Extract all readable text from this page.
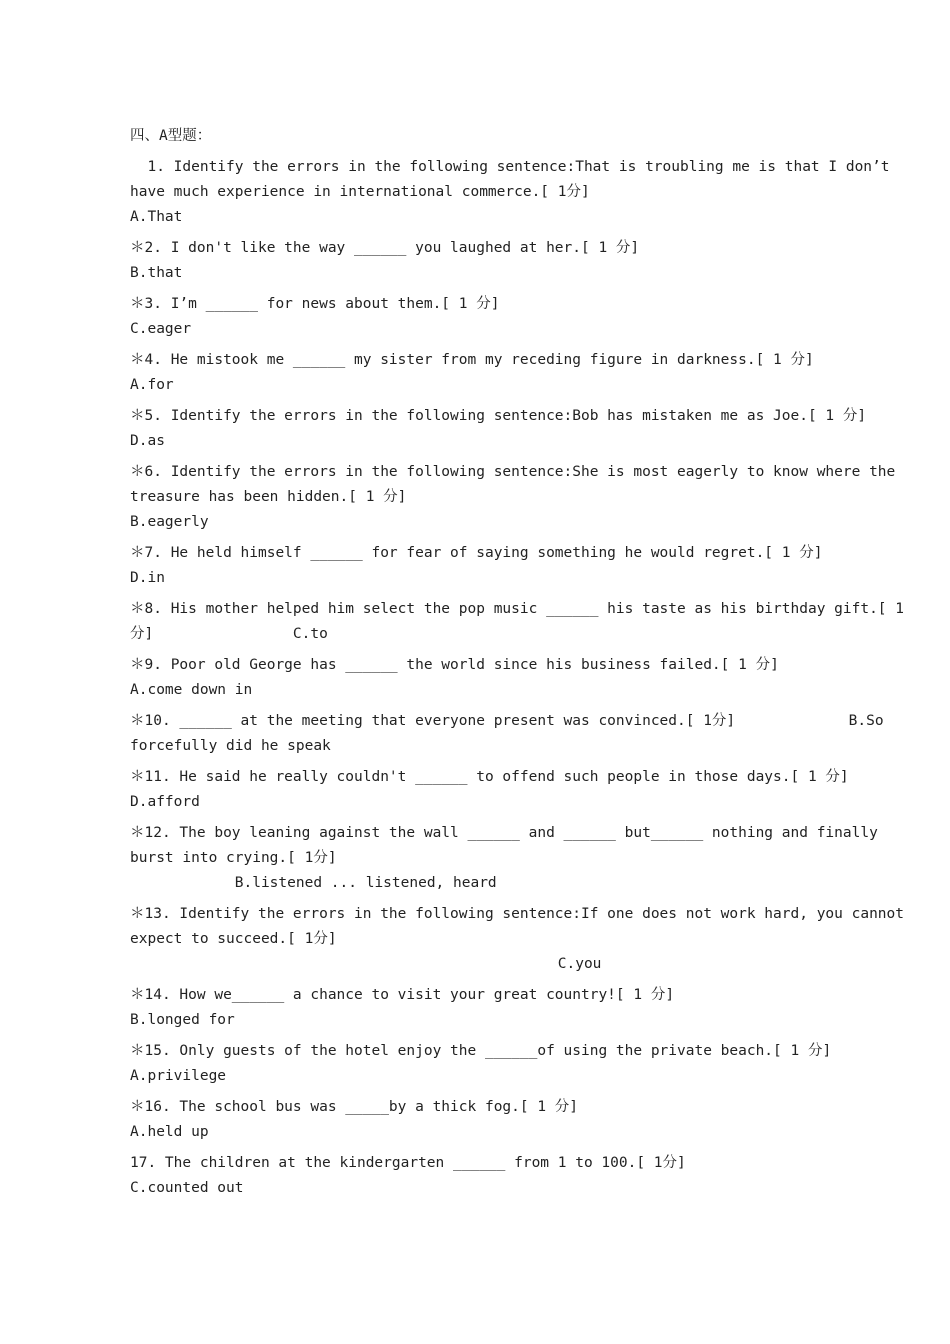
四、A型题：
1. Identify the errors in the following sentence:That is troubling me is that I don’t have much experience in international commerce.[ 1分]                                    A.That
＊2. I don't like the way ______ you laughed at her.[ 1 分]                                         B.that
＊3. I’m ______ for news about them.[ 1 分]                                                                   C.eager
＊4. He mistook me ______ my sister from my receding figure in darkness.[ 1 分]                             A.for
＊5. Identify the errors in the following sentence:Bob has mistaken me as Joe.[ 1 分]                             D.as
＊6. Identify the errors in the following sentence:She is most eagerly to know where the treasure has been hidden.[ 1 分]                                                           B.eagerly
＊7. He held himself ______ for fear of saying something he would regret.[ 1 分]                             D.in
＊8. His mother helped him select the pop music ______ his taste as his birthday gift.[ 1 分]	C.to
＊9. Poor old George has ______ the world since his business failed.[ 1 分]                  A.come down in
＊10. ______ at the meeting that everyone present was convinced.[ 1分]	B.So forcefully did he speak
＊11. He said he really couldn't ______ to offend such people in those days.[ 1 分]              D.afford
＊12. The boy leaning against the wall ______ and ______ but______ nothing and finally burst into crying.[ 1分]
B.listened ... listened, heard
＊13. Identify the errors in the following sentence:If one does not work hard, you cannot expect to succeed.[ 1分]
C.you
＊14. How we______ a chance to visit your great country![ 1 分]                                  B.longed for
＊15. Only guests of the hotel enjoy the ______of using the private beach.[ 1 分]                                      A.privilege
＊16. The school bus was _____by a thick fog.[ 1 分]                                          A.held up
17. The children at the kindergarten ______ from 1 to 100.[ 1分]                  C.counted out
